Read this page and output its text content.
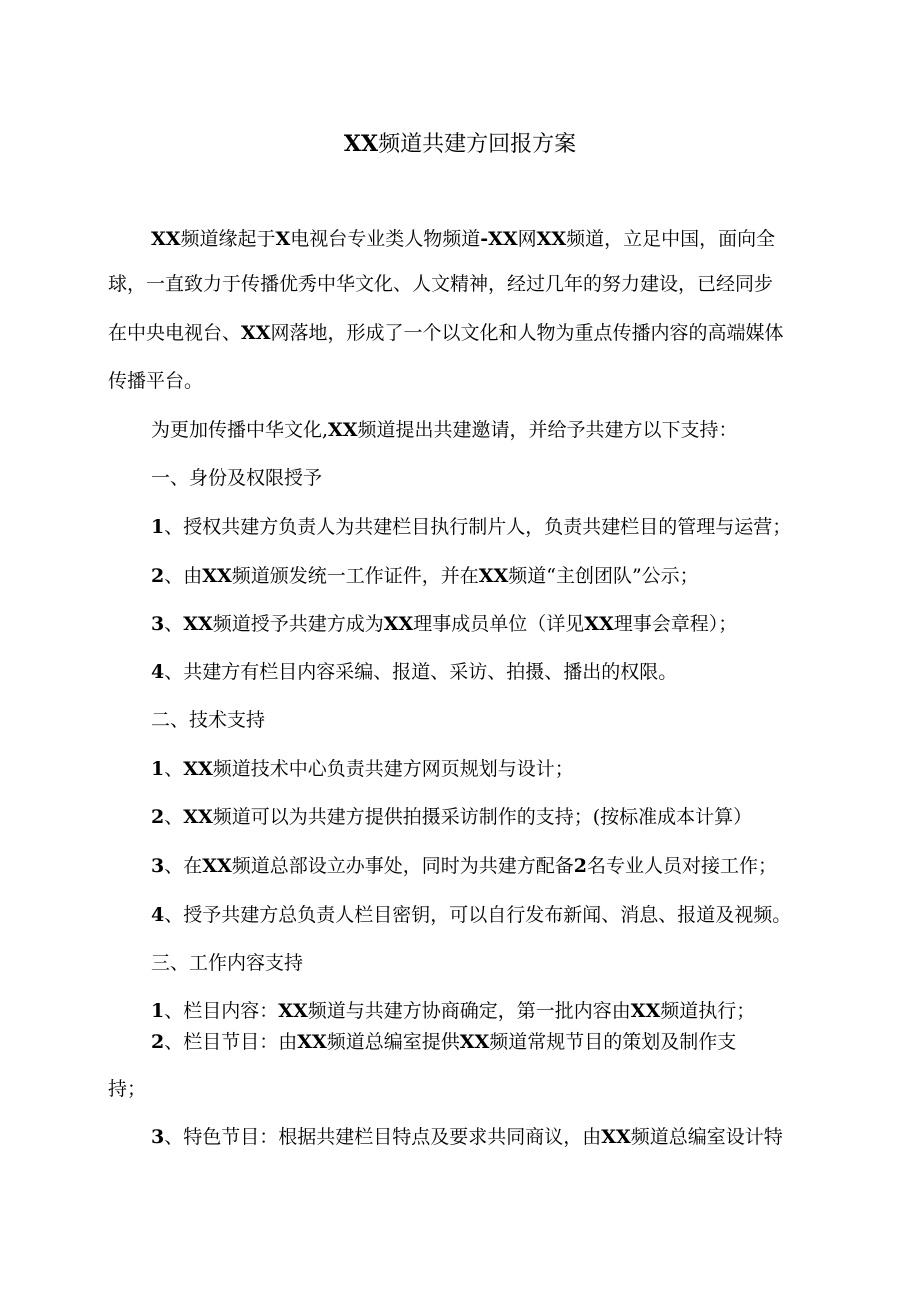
XX频道共建方回报方案
XX频道缘起于X电视台专业类人物频道-XX网XX频道，立足中国，面向全
球，一直致力于传播优秀中华文化、人文精神，经过几年的努力建设，已经同步
在中央电视台、XX网落地，形成了一个以文化和人物为重点传播内容的高端媒体
传播平台。
为更加传播中华文化,XX频道提出共建邀请，并给予共建方以下支持：
一、身份及权限授予
1、授权共建方负责人为共建栏目执行制片人，负责共建栏目的管理与运营；
2、由XX频道颁发统一工作证件，并在XX频道“主创团队”公示；
3、XX频道授予共建方成为XX理事成员单位（详见XX理事会章程）；
4、共建方有栏目内容采编、报道、采访、拍摄、播出的权限。
二、技术支持
1、XX频道技术中心负责共建方网页规划与设计；
2、XX频道可以为共建方提供拍摄采访制作的支持；(按标准成本计算）
3、在XX频道总部设立办事处，同时为共建方配备2名专业人员对接工作；
4、授予共建方总负责人栏目密钥，可以自行发布新闻、消息、报道及视频。
三、工作内容支持
1、栏目内容：XX频道与共建方协商确定，第一批内容由XX频道执行；
2、栏目节目：由XX频道总编室提供XX频道常规节目的策划及制作支
持；
3、特色节目：根据共建栏目特点及要求共同商议，由XX频道总编室设计特
